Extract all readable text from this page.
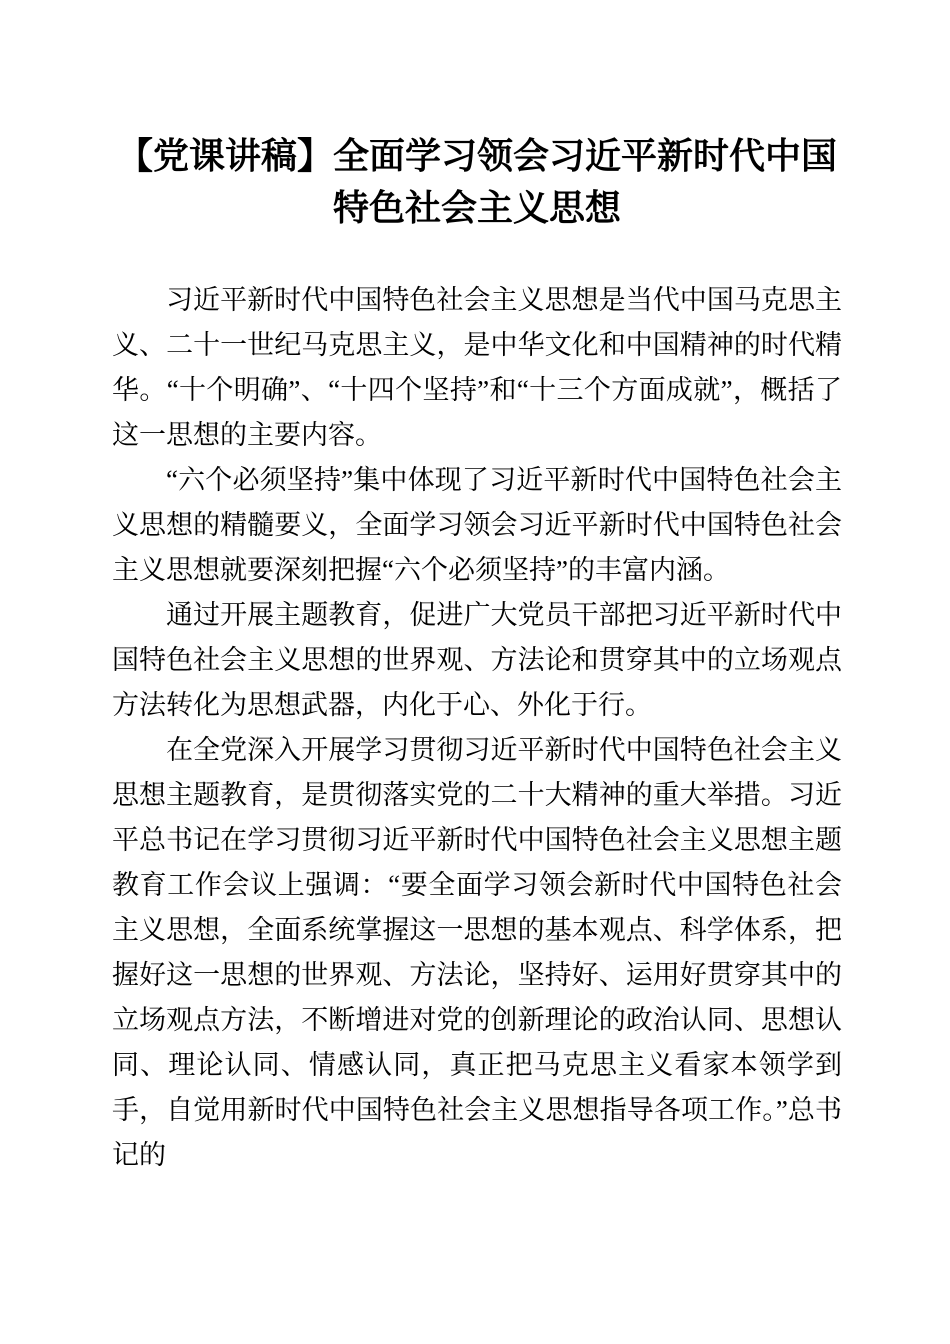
【党课讲稿】全面学习领会习近平新时代中国特色社会主义思想

习近平新时代中国特色社会主义思想是当代中国马克思主义、二十一世纪马克思主义，是中华文化和中国精神的时代精华。“十个明确”、“十四个坚持”和“十三个方面成就”，概括了这一思想的主要内容。

“六个必须坚持”集中体现了习近平新时代中国特色社会主义思想的精髓要义，全面学习领会习近平新时代中国特色社会主义思想就要深刻把握“六个必须坚持”的丰富内涵。

通过开展主题教育，促进广大党员干部把习近平新时代中国特色社会主义思想的世界观、方法论和贯穿其中的立场观点方法转化为思想武器，内化于心、外化于行。

在全党深入开展学习贯彻习近平新时代中国特色社会主义思想主题教育，是贯彻落实党的二十大精神的重大举措。习近平总书记在学习贯彻习近平新时代中国特色社会主义思想主题教育工作会议上强调：“要全面学习领会新时代中国特色社会主义思想，全面系统掌握这一思想的基本观点、科学体系，把握好这一思想的世界观、方法论，坚持好、运用好贯穿其中的立场观点方法，不断增进对党的创新理论的政治认同、思想认同、理论认同、情感认同，真正把马克思主义看家本领学到手，自觉用新时代中国特色社会主义思想指导各项工作。”总书记的
